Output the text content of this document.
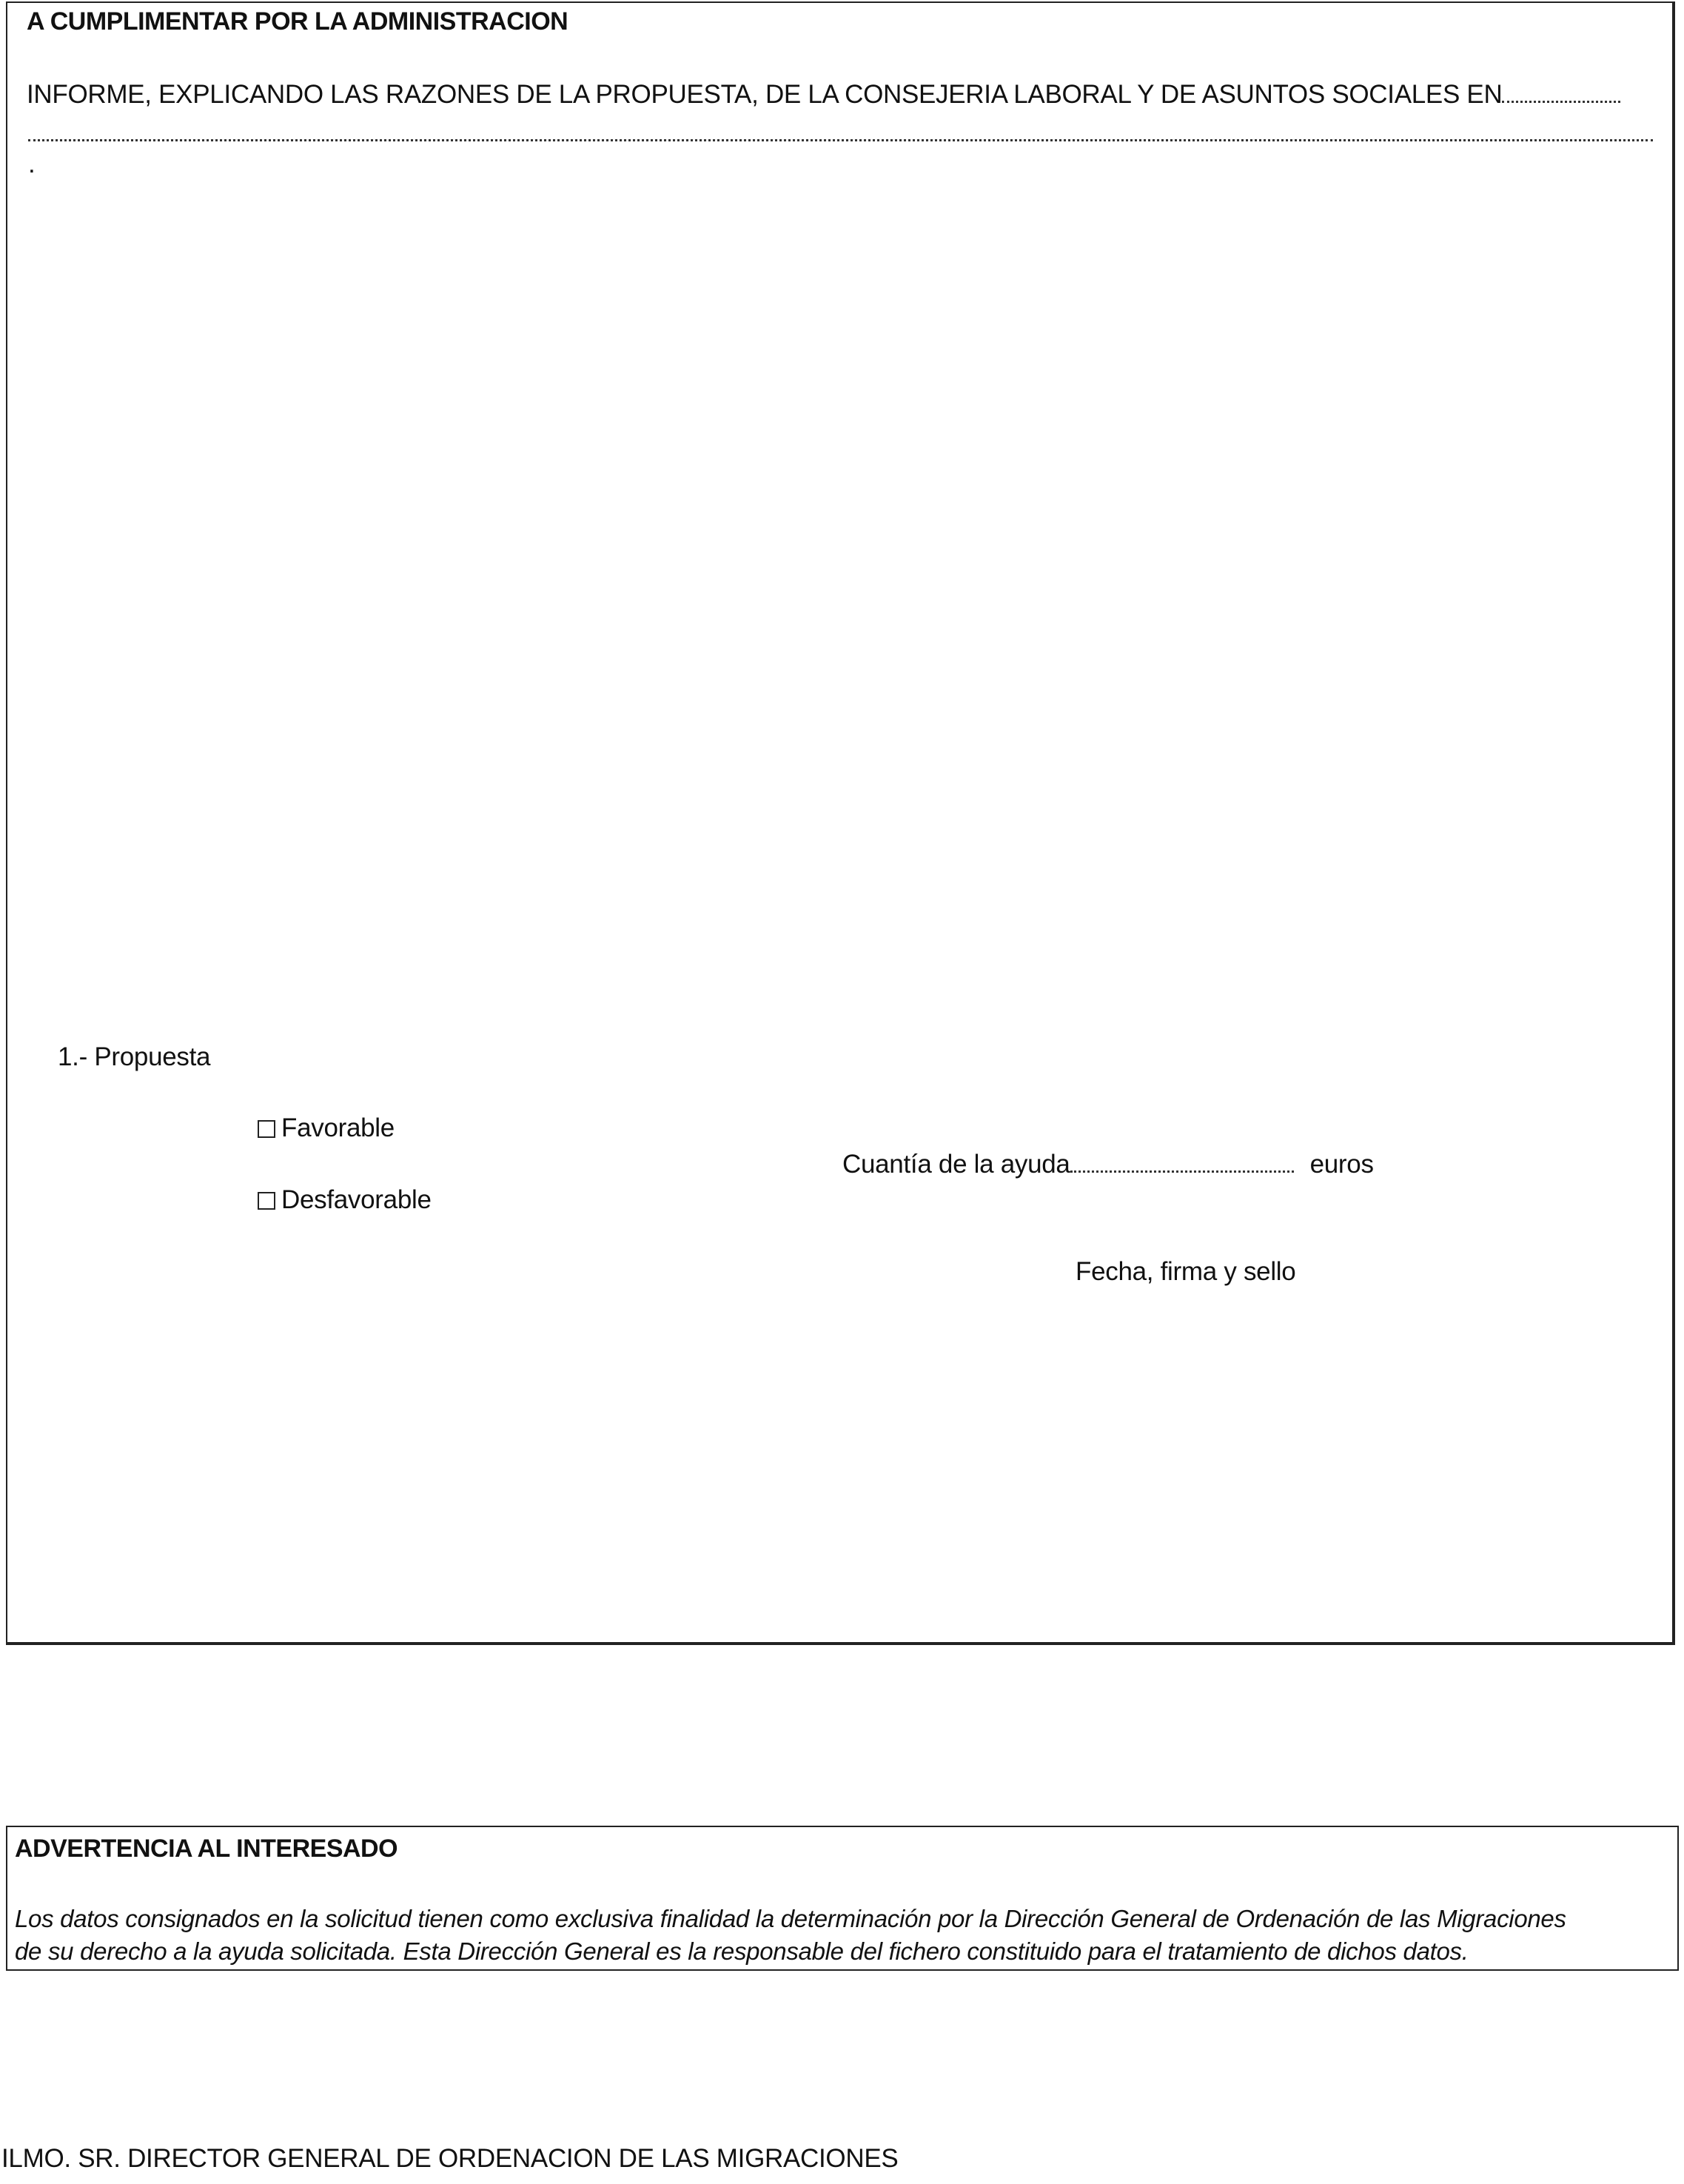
A CUMPLIMENTAR POR LA ADMINISTRACION
INFORME, EXPLICANDO LAS RAZONES DE LA PROPUESTA, DE LA CONSEJERIA LABORAL Y DE ASUNTOS SOCIALES EN
.
1.- Propuesta
Favorable
Desfavorable
Cuantía de la ayuda	euros
Fecha, firma y sello
ADVERTENCIA AL INTERESADO
Los datos consignados en la solicitud tienen como exclusiva finalidad la determinación por la Dirección General de Ordenación de las Migraciones
de su derecho a la ayuda solicitada. Esta Dirección General es la responsable del fichero constituido para el tratamiento de dichos datos.
ILMO. SR. DIRECTOR GENERAL DE ORDENACION DE LAS MIGRACIONES
